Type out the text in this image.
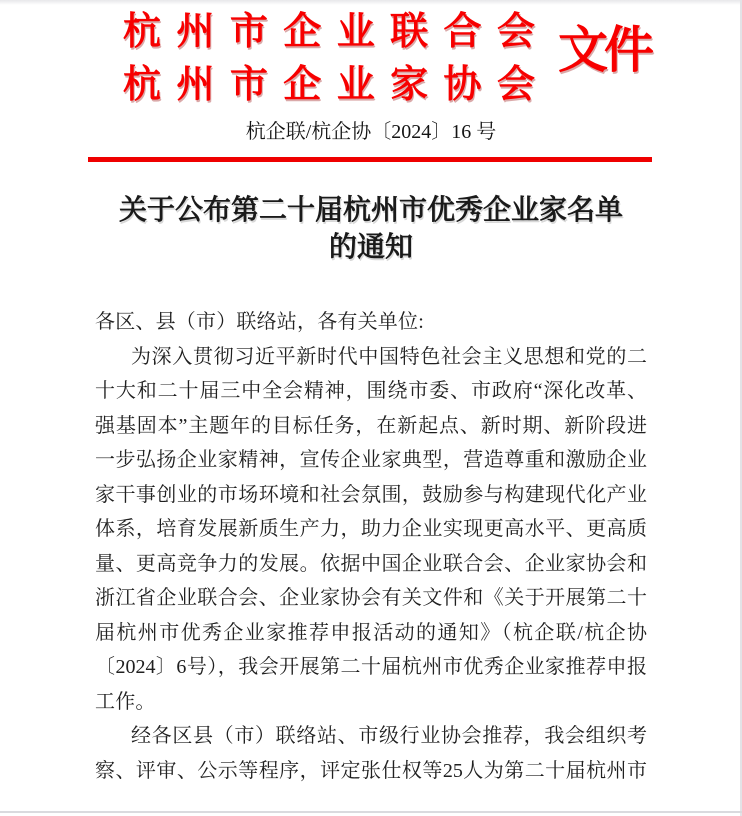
杭州市企业联合会
杭州市企业家协会
文件
杭企联/杭企协〔2024〕16 号
关于公布第二十届杭州市优秀企业家名单
的通知
各区、县（市）联络站，各有关单位:
为深入贯彻习近平新时代中国特色社会主义思想和党的二
十大和二十届三中全会精神，围绕市委、市政府“深化改革、
强基固本”主题年的目标任务，在新起点、新时期、新阶段进
一步弘扬企业家精神，宣传企业家典型，营造尊重和激励企业
家干事创业的市场环境和社会氛围，鼓励参与构建现代化产业
体系，培育发展新质生产力，助力企业实现更高水平、更高质
量、更高竞争力的发展。依据中国企业联合会、企业家协会和
浙江省企业联合会、企业家协会有关文件和《关于开展第二十
届杭州市优秀企业家推荐申报活动的通知》（杭企联/杭企协
〔2024〕6号），我会开展第二十届杭州市优秀企业家推荐申报
工作。
经各区县（市）联络站、市级行业协会推荐，我会组织考
察、评审、公示等程序，评定张仕权等25人为第二十届杭州市
